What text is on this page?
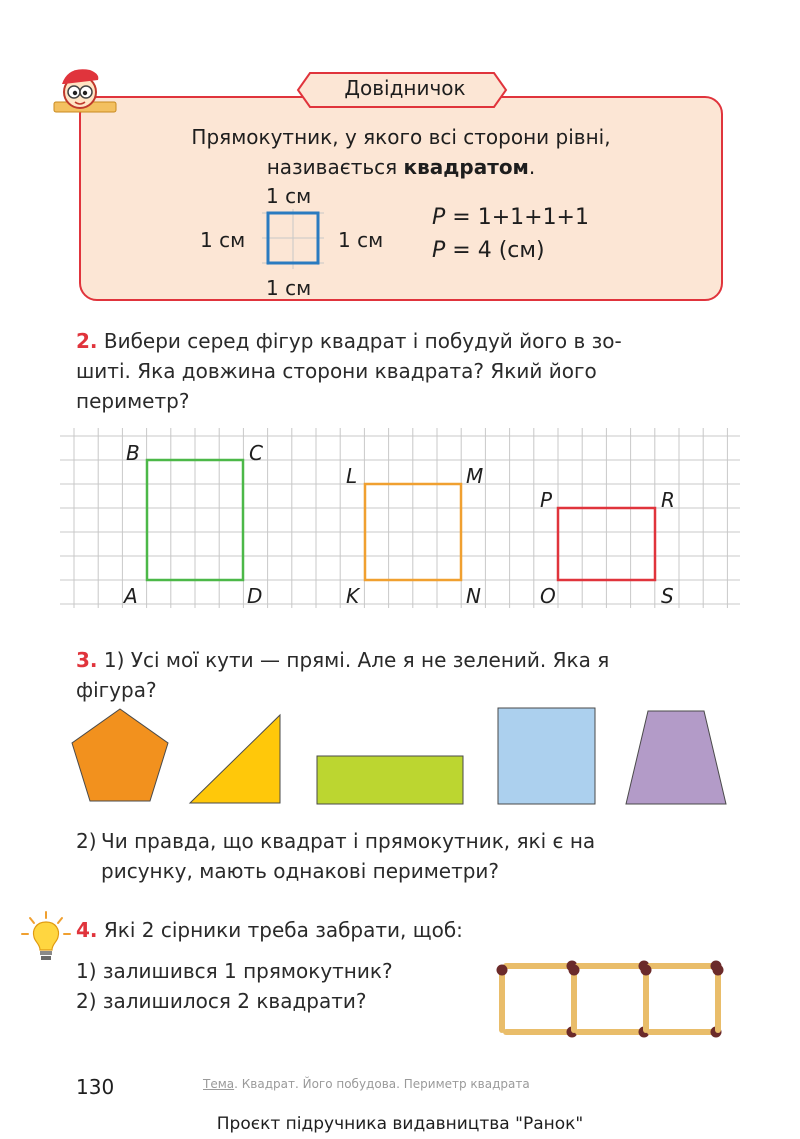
Довідничок
Прямокутник, у якого всі сторони рівні,
називається квадратом.
1 см
1 см	1 см
1 см
P = 1+1+1+1
P = 4 (см)
2. Вибери серед фігур квадрат і побудуй його в зо-
шиті. Яка довжина сторони квадрата? Який його
периметр?
B	C
A	D
L	M
K	N
P	R
O	S
3. 1) Усі мої кути — прямі. Але я не зелений. Яка я
фігура?
2) Чи правда, що квадрат і прямокутник, які є на
рисунку, мають однакові периметри?
4. Які 2 сірники треба забрати, щоб:
1) залишився 1 прямокутник?
2) залишилося 2 квадрати?
130	Тема. Квадрат. Його побудова. Периметр квадрата
Проєкт підручника видавництва "Ранок"
